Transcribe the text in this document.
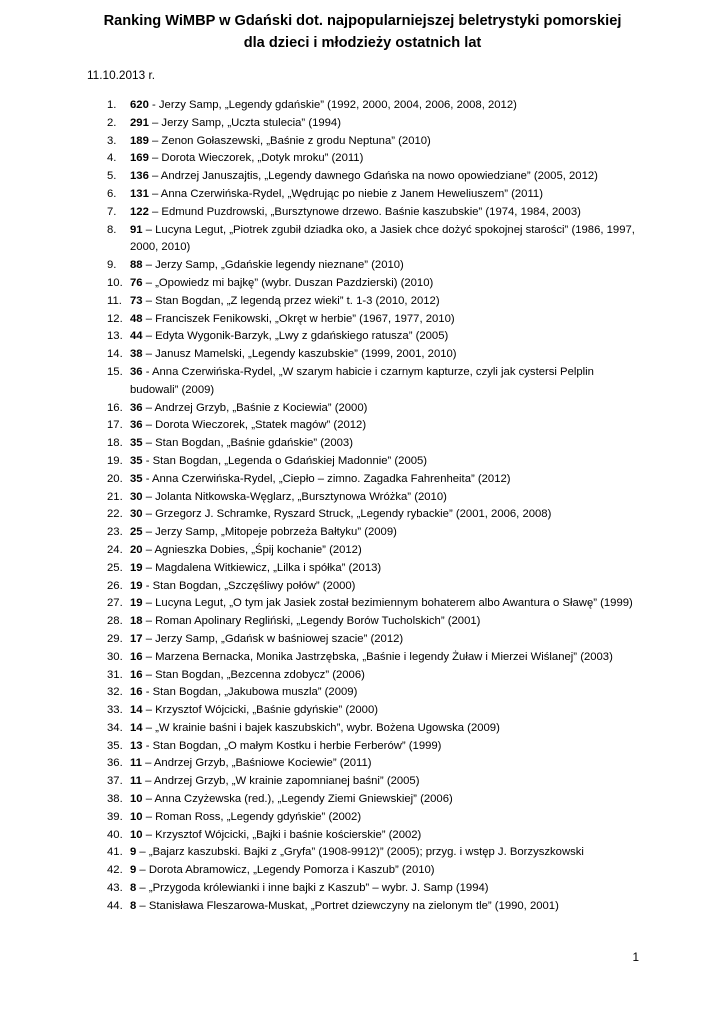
Ranking WiMBP w Gdański dot. najpopularniejszej beletrystyki pomorskiej
dla dzieci i młodzieży ostatnich lat
11.10.2013 r.
1. 620 - Jerzy Samp, „Legendy gdańskie” (1992, 2000, 2004, 2006, 2008, 2012)
2. 291 – Jerzy Samp, „Uczta stulecia” (1994)
3. 189 – Zenon Gołaszewski, „Baśnie z grodu Neptuna” (2010)
4. 169 – Dorota Wieczorek, „Dotyk mroku” (2011)
5. 136 – Andrzej Januszajtis, „Legendy dawnego Gdańska na nowo opowiedziane” (2005, 2012)
6. 131 – Anna Czerwińska-Rydel, „Wędrując po niebie z Janem Heweliuszem” (2011)
7. 122 – Edmund Puzdrowski, „Bursztynowe drzewo. Baśnie kaszubskie” (1974, 1984, 2003)
8. 91 – Lucyna Legut, „Piotrek zgubił dziadka oko, a Jasiek chce dożyć spokojnej starości” (1986, 1997, 2000, 2010)
9. 88 – Jerzy Samp, „Gdańskie legendy nieznane” (2010)
10. 76 – „Opowiedz mi bajkę” (wybr. Duszan Pazdzierski) (2010)
11. 73 – Stan Bogdan, „Z legendą przez wieki” t. 1-3 (2010, 2012)
12. 48 – Franciszek Fenikowski, „Okręt w herbie” (1967, 1977, 2010)
13. 44 – Edyta Wygonik-Barzyk, „Lwy z gdańskiego ratusza” (2005)
14. 38 – Janusz Mamelski, „Legendy kaszubskie” (1999, 2001, 2010)
15. 36 - Anna Czerwińska-Rydel, „W szarym habicie i czarnym kapturze, czyli jak cystersi Pelplin budowali” (2009)
16. 36 – Andrzej Grzyb, „Baśnie z Kociewia” (2000)
17. 36 – Dorota Wieczorek, „Statek magów” (2012)
18. 35 – Stan Bogdan, „Baśnie gdańskie” (2003)
19. 35 - Stan Bogdan, „Legenda o Gdańskiej Madonnie” (2005)
20. 35 - Anna Czerwińska-Rydel, „Ciepło – zimno. Zagadka Fahrenheita” (2012)
21. 30 – Jolanta Nitkowska-Węglarz, „Bursztynowa Wróżka” (2010)
22. 30 – Grzegorz J. Schramke, Ryszard Struck, „Legendy rybackie” (2001, 2006, 2008)
23. 25 – Jerzy Samp, „Mitopeje pobrzeża Bałtyku” (2009)
24. 20 – Agnieszka Dobies, „Śpij kochanie” (2012)
25. 19 – Magdalena Witkiewicz, „Lilka i spółka” (2013)
26. 19 - Stan Bogdan, „Szczęśliwy połów” (2000)
27. 19 – Lucyna Legut, „O tym jak Jasiek został bezimiennym bohaterem albo Awantura o Sławę” (1999)
28. 18 – Roman Apolinary Regliński, „Legendy Borów Tucholskich” (2001)
29. 17 – Jerzy Samp, „Gdańsk w baśniowej szacie” (2012)
30. 16 – Marzena Bernacka, Monika Jastrzębska, „Baśnie i legendy Żuław i Mierzei Wiślanej” (2003)
31. 16 – Stan Bogdan, „Bezcenna zdobycz” (2006)
32. 16 - Stan Bogdan, „Jakubowa muszla” (2009)
33. 14 – Krzysztof Wójcicki, „Baśnie gdyńskie” (2000)
34. 14 – „W krainie baśni i bajek kaszubskich”, wybr. Bożena Ugowska (2009)
35. 13 - Stan Bogdan, „O małym Kostku i herbie Ferberów” (1999)
36. 11 – Andrzej Grzyb, „Baśniowe Kociewie” (2011)
37. 11 – Andrzej Grzyb, „W krainie zapomnianej baśni” (2005)
38. 10 – Anna Czyżewska (red.), „Legendy Ziemi Gniewskiej” (2006)
39. 10 – Roman Ross, „Legendy gdyńskie” (2002)
40. 10 – Krzysztof Wójcicki, „Bajki i baśnie kościerskie” (2002)
41. 9 – „Bajarz kaszubski. Bajki z „Gryfa” (1908-9912)” (2005); przyg. i wstęp J. Borzyszkowski
42. 9 – Dorota Abramowicz, „Legendy Pomorza i Kaszub” (2010)
43. 8 – „Przygoda królewianki i inne bajki z Kaszub” – wybr. J. Samp (1994)
44. 8 – Stanisława Fleszarowa-Muskat, „Portret dziewczyny na zielonym tle” (1990, 2001)
1
